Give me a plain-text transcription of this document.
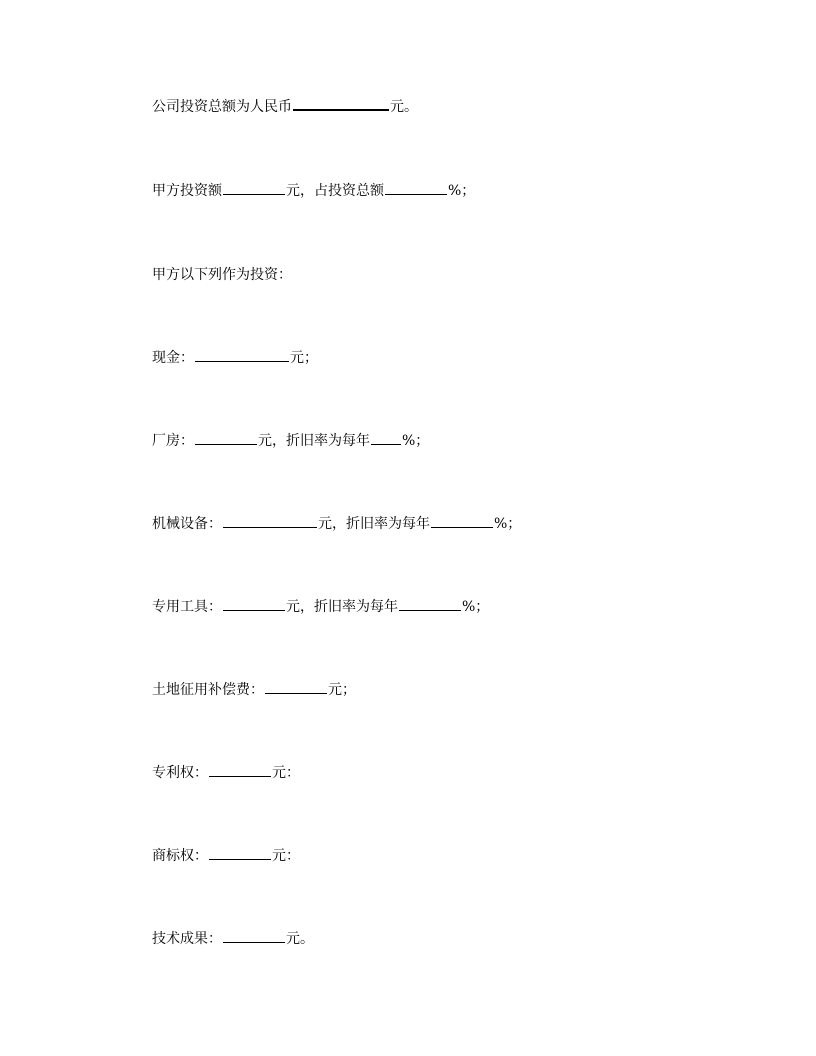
公司投资总额为人民币	元。
甲方投资额	元，占投资总额	%；
甲方以下列作为投资：
现金：	元；
厂房：	元，折旧率为每年 %；
机械设备：	元，折旧率为每年	%；
专用工具：	元，折旧率为每年	%；
土地征用补偿费：	元；
专利权：	元：
商标权：	元：
技术成果：	元。
